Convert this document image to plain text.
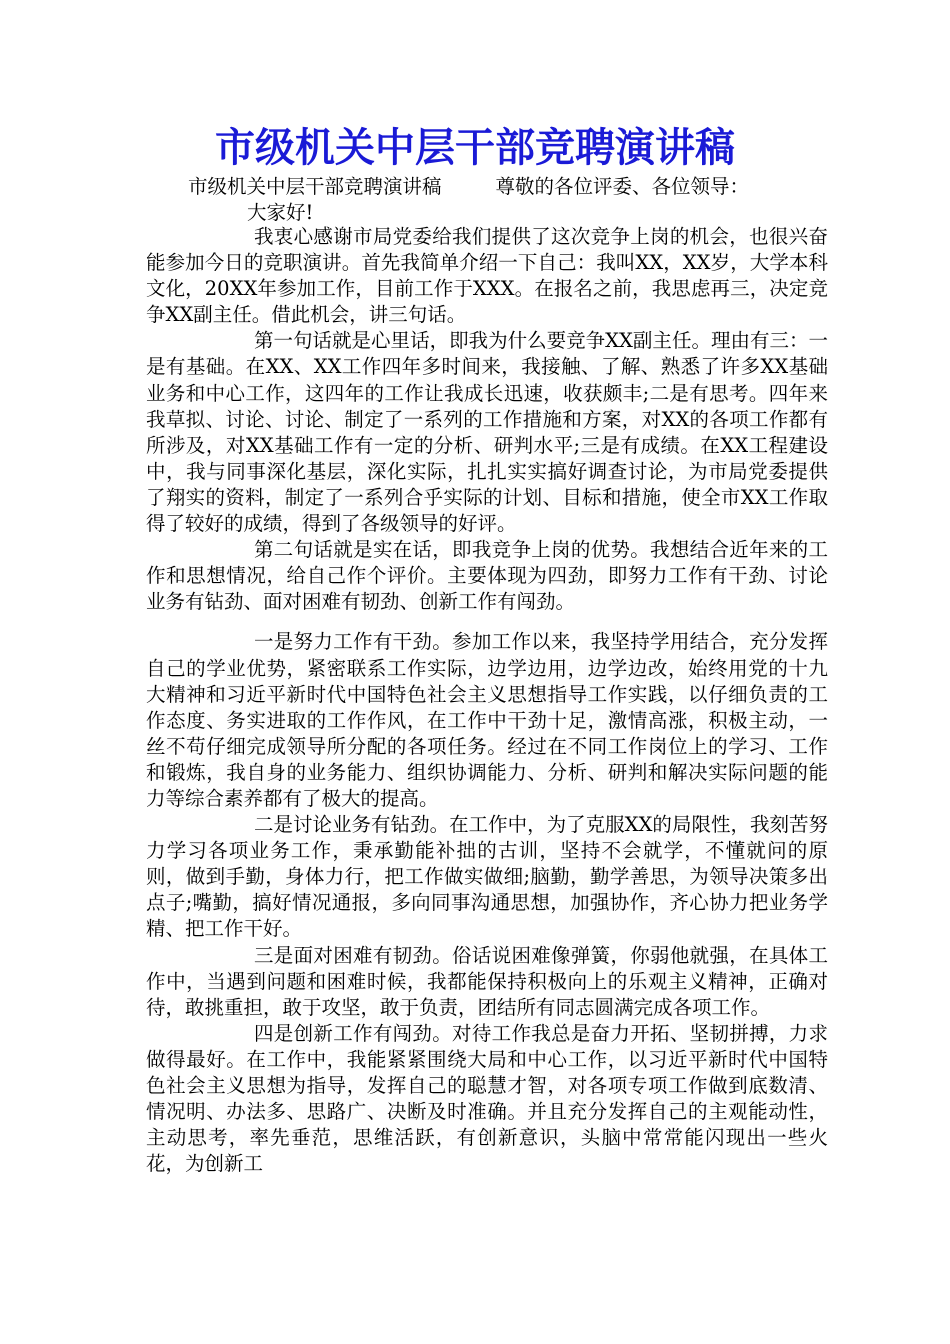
市级机关中层干部竞聘演讲稿
市级机关中层干部竞聘演讲稿	尊敬的各位评委、各位领导：
大家好!

我衷心感谢市局党委给我们提供了这次竞争上岗的机会，也很兴奋能参加今日的竞职演讲。首先我简单介绍一下自己：我叫XX，XX岁，大学本科文化，20XX年参加工作，目前工作于XXX。在报名之前，我思虑再三，决定竞争XX副主任。借此机会，讲三句话。

第一句话就是心里话，即我为什么要竞争XX副主任。理由有三：一是有基础。在XX、XX工作四年多时间来，我接触、了解、熟悉了许多XX基础业务和中心工作，这四年的工作让我成长迅速，收获颇丰;二是有思考。四年来我草拟、讨论、讨论、制定了一系列的工作措施和方案，对XX的各项工作都有所涉及，对XX基础工作有一定的分析、研判水平;三是有成绩。在XX工程建设中，我与同事深化基层，深化实际，扎扎实实搞好调查讨论，为市局党委提供了翔实的资料，制定了一系列合乎实际的计划、目标和措施，使全市XX工作取得了较好的成绩，得到了各级领导的好评。

第二句话就是实在话，即我竞争上岗的优势。我想结合近年来的工作和思想情况，给自己作个评价。主要体现为四劲，即努力工作有干劲、讨论业务有钻劲、面对困难有韧劲、创新工作有闯劲。

一是努力工作有干劲。参加工作以来，我坚持学用结合，充分发挥自己的学业优势，紧密联系工作实际，边学边用，边学边改，始终用党的十九大精神和习近平新时代中国特色社会主义思想指导工作实践，以仔细负责的工作态度、务实进取的工作作风，在工作中干劲十足，激情高涨，积极主动，一丝不苟仔细完成领导所分配的各项任务。经过在不同工作岗位上的学习、工作和锻炼，我自身的业务能力、组织协调能力、分析、研判和解决实际问题的能力等综合素养都有了极大的提高。

二是讨论业务有钻劲。在工作中，为了克服XX的局限性，我刻苦努力学习各项业务工作，秉承勤能补拙的古训，坚持不会就学，不懂就问的原则，做到手勤，身体力行，把工作做实做细;脑勤，勤学善思，为领导决策多出点子;嘴勤，搞好情况通报，多向同事沟通思想，加强协作，齐心协力把业务学精、把工作干好。

三是面对困难有韧劲。俗话说困难像弹簧，你弱他就强，在具体工作中，当遇到问题和困难时候，我都能保持积极向上的乐观主义精神，正确对待，敢挑重担，敢于攻坚，敢于负责，团结所有同志圆满完成各项工作。

四是创新工作有闯劲。对待工作我总是奋力开拓、坚韧拼搏，力求做得最好。在工作中，我能紧紧围绕大局和中心工作，以习近平新时代中国特色社会主义思想为指导，发挥自己的聪慧才智，对各项专项工作做到底数清、情况明、办法多、思路广、决断及时准确。并且充分发挥自己的主观能动性，主动思考，率先垂范，思维活跃，有创新意识，头脑中常常能闪现出一些火花，为创新工
